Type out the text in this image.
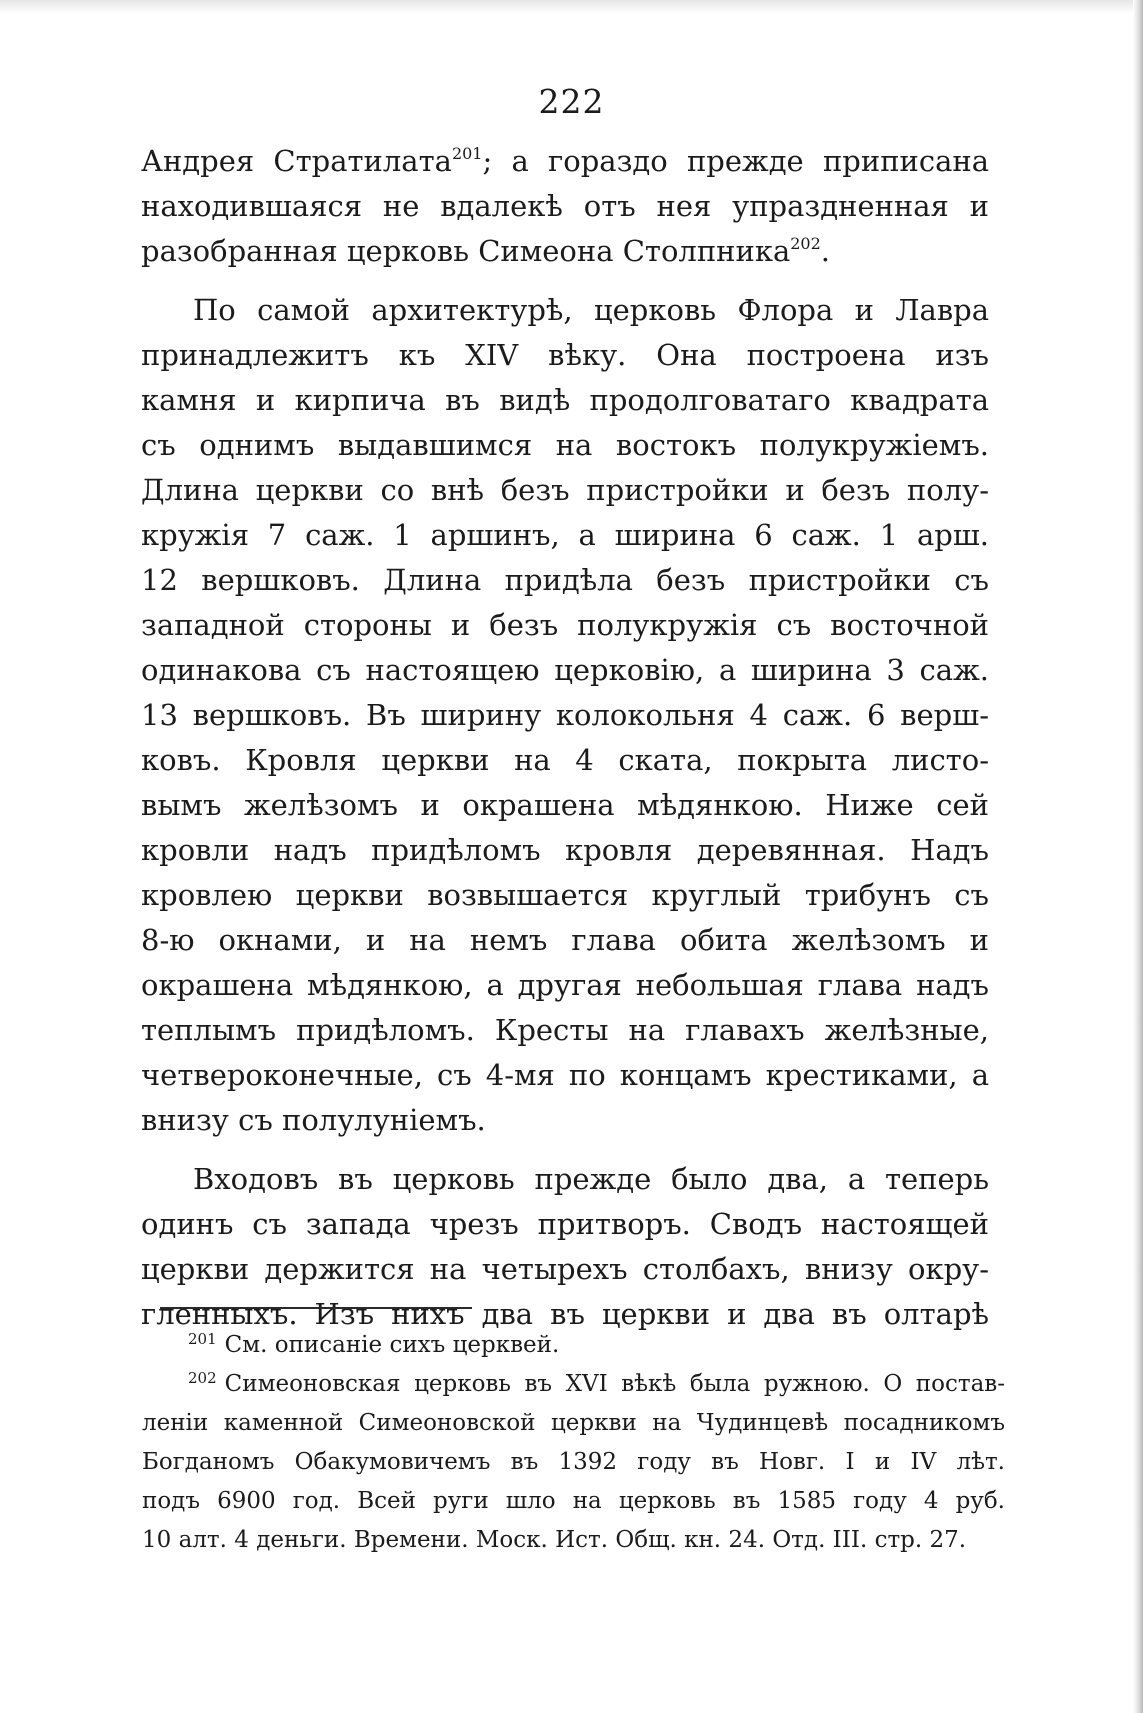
222
Андрея Стратилата$^{201}$; а гораздо прежде приписана
находившаяся не вдалекѣ отъ нея упраздненная и
разобранная церковь Симеона Столпника$^{202}$.
По самой архитектурѣ, церковь Флора и Лавра
принадлежитъ къ XIV вѣку. Она построена изъ
камня и кирпича въ видѣ продолговатаго квадрата
съ однимъ выдавшимся на востокъ полукружіемъ.
Длина церкви со внѣ безъ пристройки и безъ полу-
кружія 7 саж. 1 аршинъ, а ширина 6 саж. 1 арш.
12 вершковъ. Длина придѣла безъ пристройки съ
западной стороны и безъ полукружія съ восточной
одинакова съ настоящею церковію, а ширина 3 саж.
13 вершковъ. Въ ширину колокольня 4 саж. 6 верш-
ковъ. Кровля церкви на 4 ската, покрыта листо-
вымъ желѣзомъ и окрашена мѣдянкою. Ниже сей
кровли надъ придѣломъ кровля деревянная. Надъ
кровлею церкви возвышается круглый трибунъ съ
8-ю окнами, и на немъ глава обита желѣзомъ и
окрашена мѣдянкою, а другая небольшая глава надъ
теплымъ придѣломъ. Кресты на главахъ желѣзные,
четвероконечные, съ 4-мя по концамъ крестиками, а
внизу съ полулуніемъ.
Входовъ въ церковь прежде было два, а теперь
одинъ съ запада чрезъ притворъ. Сводъ настоящей
церкви держится на четырехъ столбахъ, внизу окру-
гленныхъ. Изъ нихъ два въ церкви и два въ олтарѣ
$^{201}$ См. описаніе сихъ церквей.
$^{202}$ Симеоновская церковь въ XVI вѣкѣ была ружною. О постав-
леніи каменной Симеоновской церкви на Чудинцевѣ посадникомъ
Богданомъ Обакумовичемъ въ 1392 году въ Новг. I и IV лѣт.
подъ 6900 год. Всей руги шло на церковь въ 1585 году 4 руб.
10 алт. 4 деньги. Времени. Моск. Ист. Общ. кн. 24. Отд. III. стр. 27.
